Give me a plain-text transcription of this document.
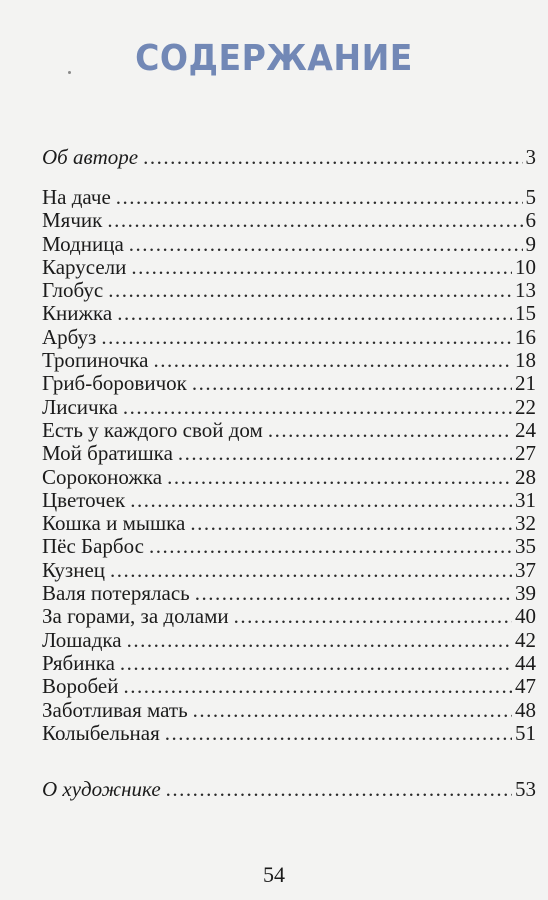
СОДЕРЖАНИЕ
Об авторе .....	3
На даче .....	5
Мячик .....	6
Модница .....	9
Карусели .....	10
Глобус .....	13
Книжка .....	15
Арбуз .....	16
Тропиночка .....	18
Гриб-боровичок .....	21
Лисичка .....	22
Есть у каждого свой дом .....	24
Мой братишка .....	27
Сороконожка .....	28
Цветочек .....	31
Кошка и мышка .....	32
Пёс Барбос .....	35
Кузнец .....	37
Валя потерялась .....	39
За горами, за долами .....	40
Лошадка .....	42
Рябинка .....	44
Воробей .....	47
Заботливая мать .....	48
Колыбельная .....	51
О художнике .....	53
54
